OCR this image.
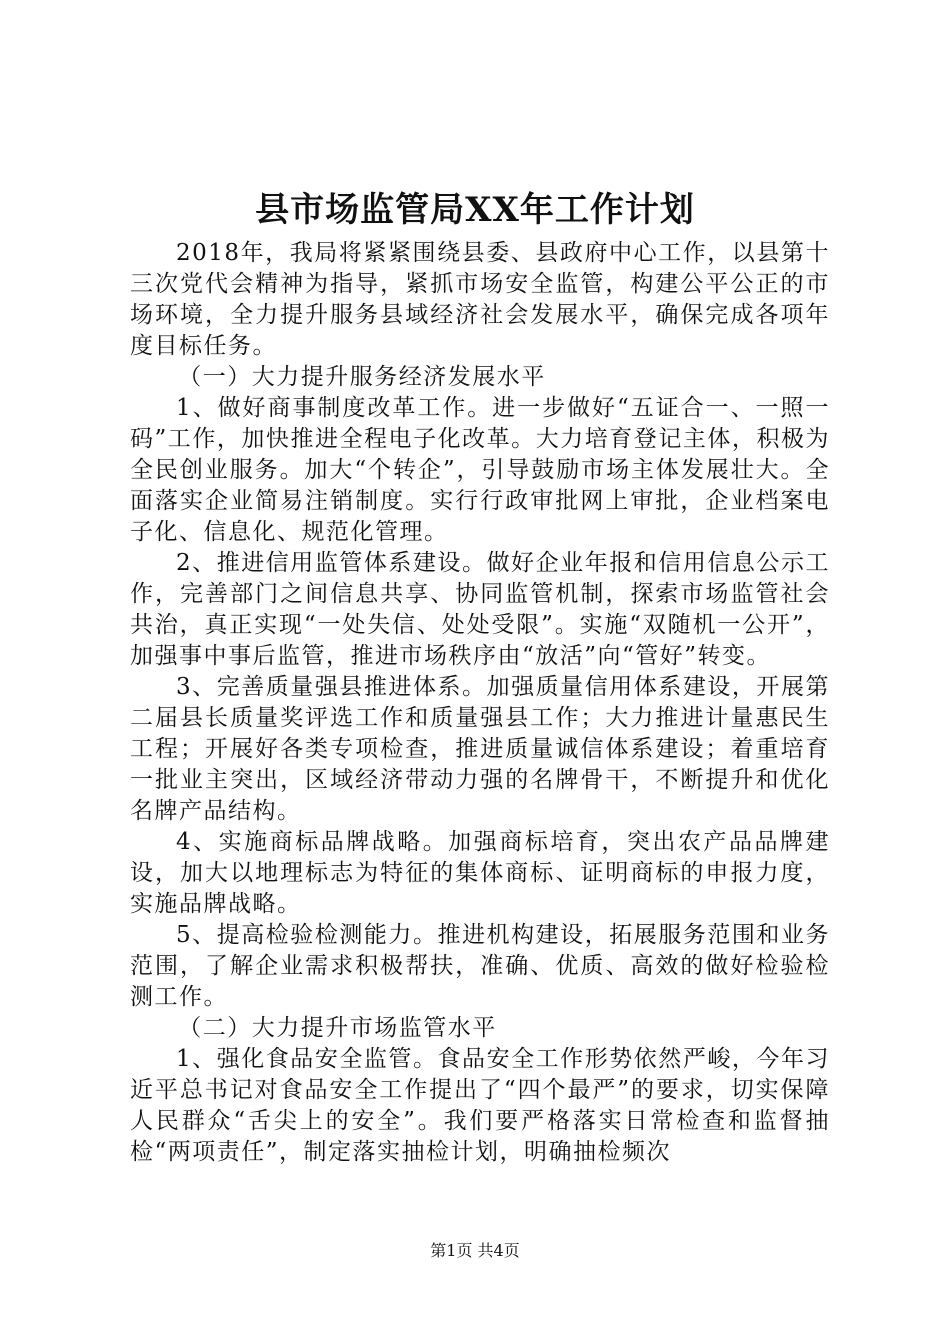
县市场监管局XX年工作计划

2018年，我局将紧紧围绕县委、县政府中心工作，以县第十三次党代会精神为指导，紧抓市场安全监管，构建公平公正的市场环境，全力提升服务县域经济社会发展水平，确保完成各项年度目标任务。

（一）大力提升服务经济发展水平

1、做好商事制度改革工作。进一步做好“五证合一、一照一码”工作，加快推进全程电子化改革。大力培育登记主体，积极为全民创业服务。加大“个转企”，引导鼓励市场主体发展壮大。全面落实企业简易注销制度。实行行政审批网上审批，企业档案电子化、信息化、规范化管理。

2、推进信用监管体系建设。做好企业年报和信用信息公示工作，完善部门之间信息共享、协同监管机制，探索市场监管社会共治，真正实现“一处失信、处处受限”。实施“双随机一公开”，加强事中事后监管，推进市场秩序由“放活”向“管好”转变。

3、完善质量强县推进体系。加强质量信用体系建设，开展第二届县长质量奖评选工作和质量强县工作；大力推进计量惠民生工程；开展好各类专项检查，推进质量诚信体系建设；着重培育一批业主突出，区域经济带动力强的名牌骨干，不断提升和优化名牌产品结构。

4、实施商标品牌战略。加强商标培育，突出农产品品牌建设，加大以地理标志为特征的集体商标、证明商标的申报力度，实施品牌战略。

5、提高检验检测能力。推进机构建设，拓展服务范围和业务范围，了解企业需求积极帮扶，准确、优质、高效的做好检验检测工作。

（二）大力提升市场监管水平

1、强化食品安全监管。食品安全工作形势依然严峻，今年习近平总书记对食品安全工作提出了“四个最严”的要求，切实保障人民群众“舌尖上的安全”。我们要严格落实日常检查和监督抽检“两项责任”，制定落实抽检计划，明确抽检频次

第1页 共4页
